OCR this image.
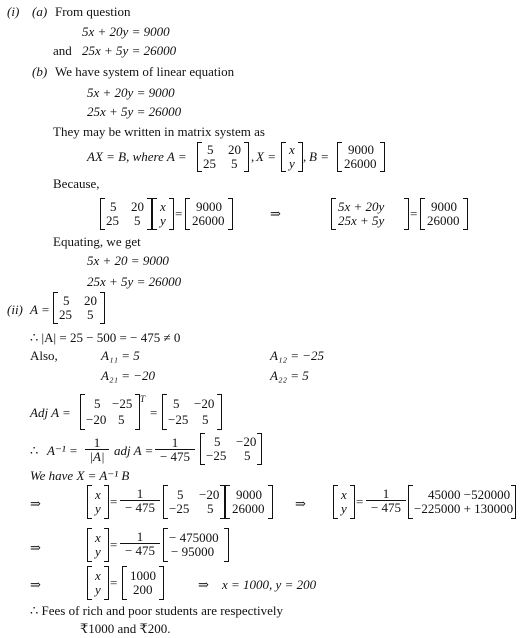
(i) (a) From question
5x + 20y = 9000
and 25x + 5y = 26000
(b) We have system of linear equation
5x + 20y = 9000
25x + 5y = 26000
They may be written in matrix system as
AX = B, where A = 5 20
25 5 , X = x
y , B = 9000
26000
Because,
5 20
25 5
x
y = 9000
26000	⇒	5x + 20y
25x + 5y = 9000
26000
Equating, we get
5x + 20 = 9000
25x + 5y = 26000
(ii) A =
5 20
25 5
∴ |A| = 25 − 500 = − 475 ≠ 0
Also,	A₁₁ = 5	A₁₂ = −25
A₂₁ = −20	A₂₂ = 5
Adj A =
5 −25
−20 5
T
=
5 −20
−25 5
∴ $A^{-1} = \frac{1}{|A|}$ adj $A = \frac{1}{- 475} 5 -20$
−25 5
We have X = A⁻¹ B
⇒
x
$y = \frac{1}{- 475} 5 -20$
−25 5
9000
26000 ⇒
x
$y = \frac{1}{- 475} 45000 -520000$
−225000 + 130000
⇒
x
$y = \frac{1}{- 475} - 475000$
− 95000
⇒
x
y = 1000
200	⇒ x = 1000, y = 200
∴ Fees of rich and poor students are respectively
₹1000 and ₹200.
